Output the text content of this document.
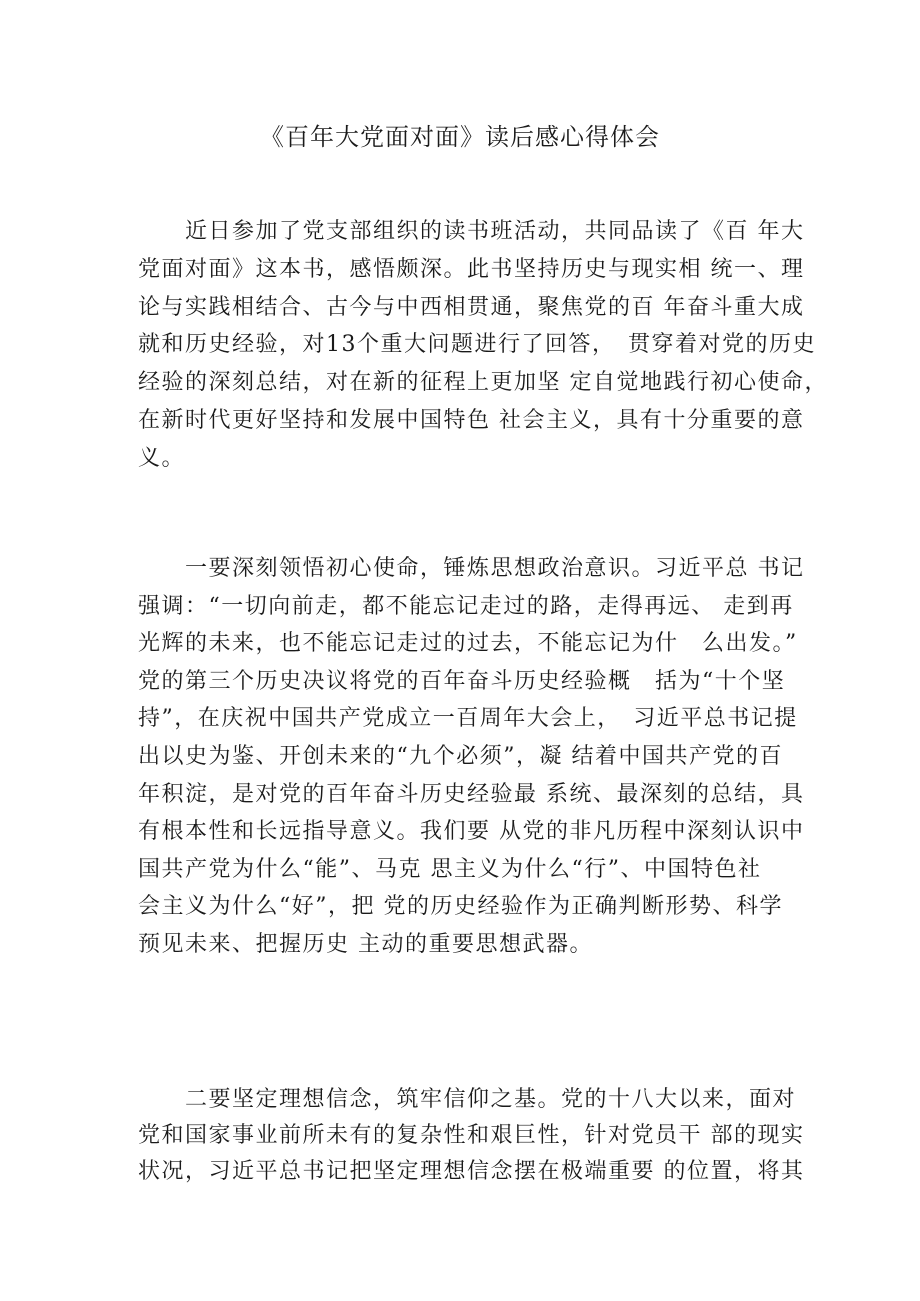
《百年大党面对面》读后感心得体会
　　近日参加了党支部组织的读书班活动，共同品读了《百 年大
党面对面》这本书，感悟颇深。此书坚持历史与现实相 统一、理
论与实践相结合、古今与中西相贯通，聚焦党的百 年奋斗重大成
就和历史经验，对13个重大问题进行了回答，　贯穿着对党的历史
经验的深刻总结，对在新的征程上更加坚 定自觉地践行初心使命，
在新时代更好坚持和发展中国特色 社会主义，具有十分重要的意
义。
　　一要深刻领悟初心使命，锤炼思想政治意识。习近平总 书记
强调：“一切向前走，都不能忘记走过的路，走得再远、 走到再
光辉的未来，也不能忘记走过的过去，不能忘记为什　么出发。”
党的第三个历史决议将党的百年奋斗历史经验概　括为“十个坚
持”，在庆祝中国共产党成立一百周年大会上，　习近平总书记提
出以史为鉴、开创未来的“九个必须”，凝 结着中国共产党的百
年积淀，是对党的百年奋斗历史经验最 系统、最深刻的总结，具
有根本性和长远指导意义。我们要 从党的非凡历程中深刻认识中
国共产党为什么“能”、马克 思主义为什么“行”、中国特色社
会主义为什么“好”，把 党的历史经验作为正确判断形势、科学
预见未来、把握历史 主动的重要思想武器。
　　二要坚定理想信念，筑牢信仰之基。党的十八大以来，面对
党和国家事业前所未有的复杂性和艰巨性，针对党员干 部的现实
状况，习近平总书记把坚定理想信念摆在极端重要 的位置，将其
